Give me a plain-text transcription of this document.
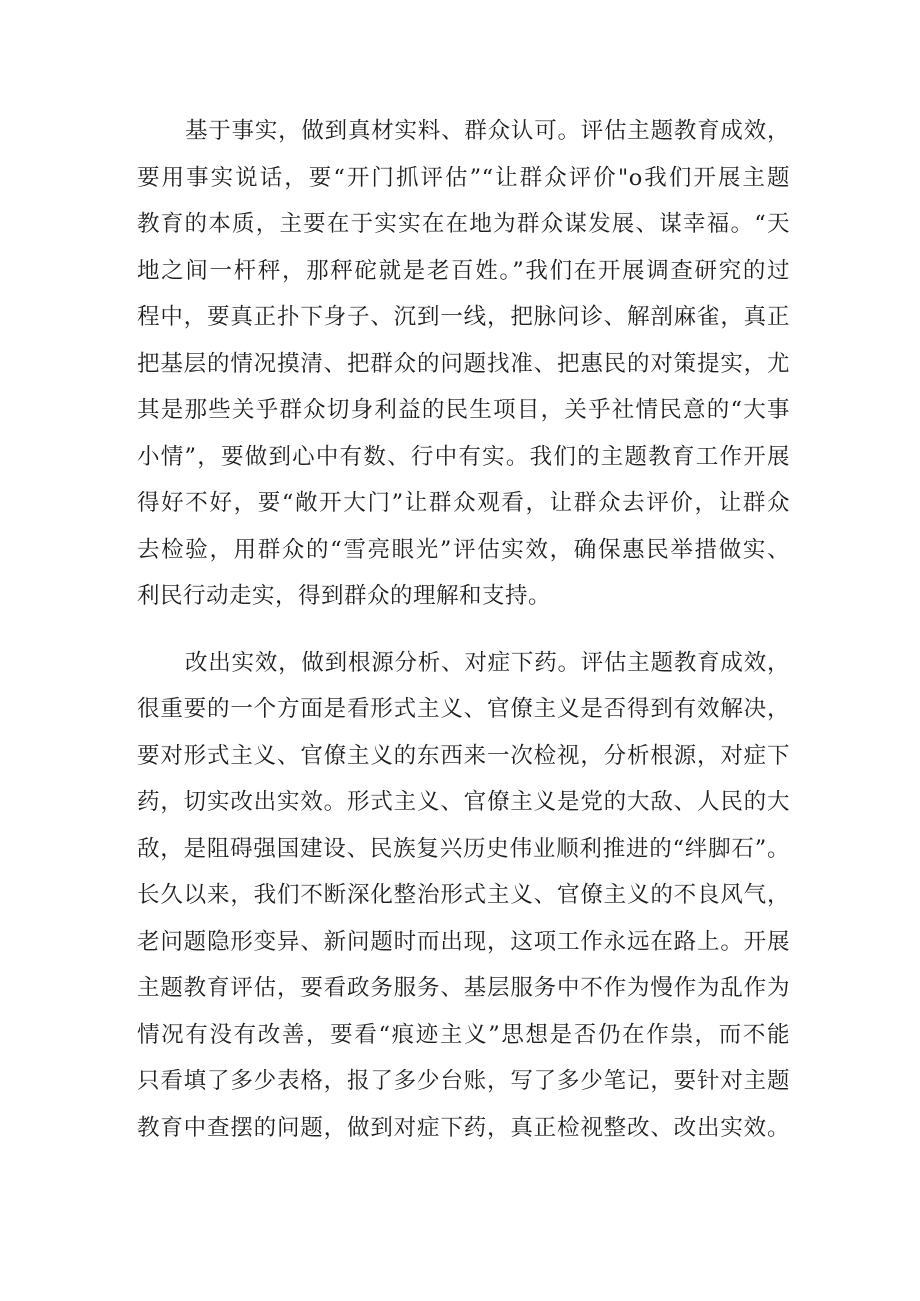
基于事实，做到真材实料、群众认可。评估主题教育成效，
要用事实说话，要“开门抓评估”“让群众评价"o我们开展主题
教育的本质，主要在于实实在在地为群众谋发展、谋幸福。“天
地之间一杆秤，那秤砣就是老百姓。”我们在开展调查研究的过
程中，要真正扑下身子、沉到一线，把脉问诊、解剖麻雀，真正
把基层的情况摸清、把群众的问题找准、把惠民的对策提实，尤
其是那些关乎群众切身利益的民生项目，关乎社情民意的“大事
小情”，要做到心中有数、行中有实。我们的主题教育工作开展
得好不好，要“敞开大门”让群众观看，让群众去评价，让群众
去检验，用群众的“雪亮眼光”评估实效，确保惠民举措做实、
利民行动走实，得到群众的理解和支持。
改出实效，做到根源分析、对症下药。评估主题教育成效，
很重要的一个方面是看形式主义、官僚主义是否得到有效解决，
要对形式主义、官僚主义的东西来一次检视，分析根源，对症下
药，切实改出实效。形式主义、官僚主义是党的大敌、人民的大
敌，是阻碍强国建设、民族复兴历史伟业顺利推进的“绊脚石”。
长久以来，我们不断深化整治形式主义、官僚主义的不良风气，
老问题隐形变异、新问题时而出现，这项工作永远在路上。开展
主题教育评估，要看政务服务、基层服务中不作为慢作为乱作为
情况有没有改善，要看“痕迹主义”思想是否仍在作祟，而不能
只看填了多少表格，报了多少台账，写了多少笔记，要针对主题
教育中查摆的问题，做到对症下药，真正检视整改、改出实效。
